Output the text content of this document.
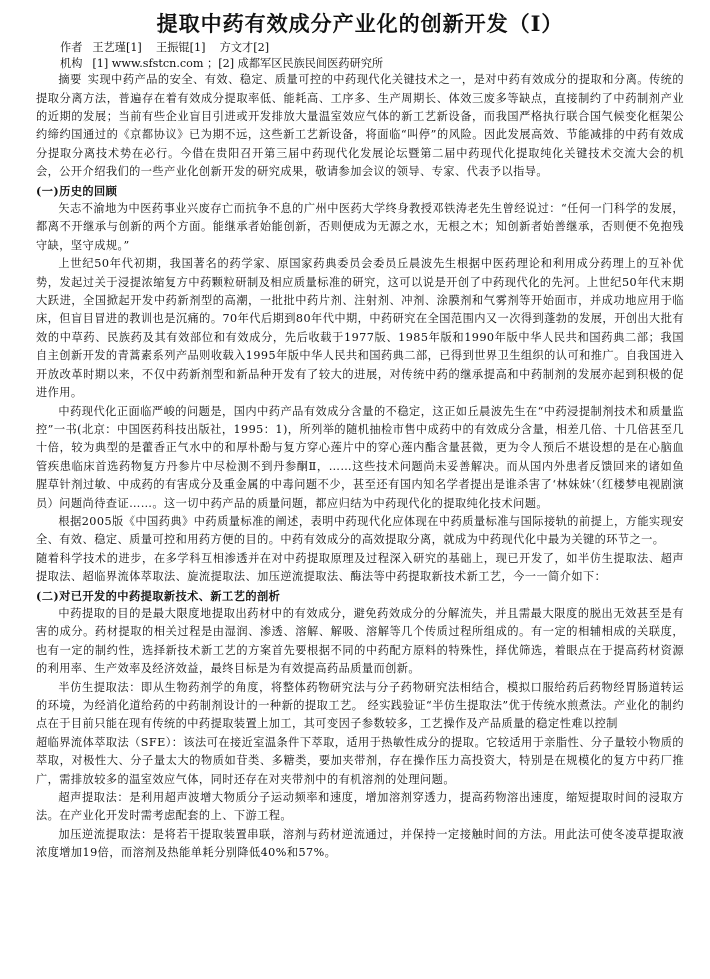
提取中药有效成分产业化的创新开发（Ⅰ）
作者 王艺瑾[1]    王振锟[1]    方文才[2]
机构 [1] www.sfstcn.com ；[2] 成都军区民族民间医药研究所

摘要 实现中药产品的安全、有效、稳定、质量可控的中药现代化关键技术之一，是对中药有效成分的提取和分离。传统的提取分离方法，普遍存在着有效成分提取率低、能耗高、工序多、生产周期长、体效三废多等缺点，直接制约了中药制剂产业的近期的发展；当前有些企业盲目引进或开发排放大量温室效应气体的新工艺新设备，而我国严格执行联合国气候变化框架公约缔约国通过的《京都协议》已为期不远，这些新工艺新设备，将面临“叫停”的风险。因此发展高效、节能减排的中药有效成分提取分离技术势在必行。今借在贵阳召开第三届中药现代化发展论坛暨第二届中药现代化提取纯化关键技术交流大会的机会，公开介绍我们的一些产业化创新开发的研究成果，敬请参加会议的领导、专家、代表予以指导。

(一)历史的回顾

矢志不渝地为中医药事业兴废存亡而抗争不息的广州中医药大学终身教授邓铁涛老先生曾经说过：“任何一门科学的发展，都离不开继承与创新的两个方面。能继承者始能创新，否则便成为无源之水，无根之木；知创新者始善继承，否则便不免抱残守缺，坚守成规。”

上世纪50年代初期，我国著名的药学家、原国家药典委员会委员丘晨波先生根据中医药理论和利用成分药理上的互补优势，发起过关于浸提浓缩复方中药颗粒研制及相应质量标准的研究，这可以说是开创了中药现代化的先河。上世纪50年代末期大跃进，全国掀起开发中药新剂型的高潮，一批批中药片剂、注射剂、冲剂、涂膜剂和气雾剂等开始面市，并成功地应用于临床，但盲目冒进的教训也是沉痛的。70年代后期到80年代中期，中药研究在全国范围内又一次得到蓬勃的发展，开创出大批有效的中草药、民族药及其有效部位和有效成分，先后收载于1977版、1985年版和1990年版中华人民共和国药典二部；我国自主创新开发的青蒿素系列产品则收载入1995年版中华人民共和国药典二部，已得到世界卫生组织的认可和推广。自我国进入开放改革时期以来，不仅中药新剂型和新品种开发有了较大的进展，对传统中药的继承提高和中药制剂的发展亦起到积极的促进作用。

中药现代化正面临严峻的问题是，国内中药产品有效成分含量的不稳定，这正如丘晨波先生在“中药浸提制剂技术和质量监控”一书(北京：中国医药科技出版社，1995：1)，所列举的随机抽检市售中成药中的有效成分含量，相差几倍、十几倍甚至几十倍，较为典型的是藿香正气水中的和厚朴酚与复方穿心莲片中的穿心莲内酯含量甚微，更为令人预后不堪设想的是在心脑血管疾患临床首选药物复方丹参片中尽检测不到丹参酮Ⅱ，……这些技术问题尚未妥善解决。而从国内外患者反馈回来的诸如鱼腥草针剂过敏、中成药的有害成分及重金属的中毒问题不少，甚至还有国内知名学者提出是谁杀害了‘林妹妹’（红楼梦电视剧演员）问题尚待查证……。这一切中药产品的质量问题，都应归结为中药现代化的提取纯化技术问题。

根据2005版《中国药典》中药质量标准的阐述，表明中药现代化应体现在中药质量标准与国际接轨的前提上，方能实现安全、有效、稳定、质量可控和用药方便的目的。中药有效成分的高效提取分离，就成为中药现代化中最为关键的环节之一。

随着科学技术的进步，在多学科互相渗透并在对中药提取原理及过程深入研究的基础上，现已开发了，如半仿生提取法、超声提取法、超临界流体萃取法、旋流提取法、加压逆流提取法、酶法等中药提取新技术新工艺，今一一简介如下：

(二)对已开发的中药提取新技术、新工艺的剖析

中药提取的目的是最大限度地提取出药材中的有效成分，避免药效成分的分解流失，并且需最大限度的脱出无效甚至是有害的成分。药材提取的相关过程是由湿润、渗透、溶解、解吸、溶解等几个传质过程所组成的。有一定的相辅相成的关联度，也有一定的制约性，选择新技术新工艺的方案首先要根据不同的中药配方原料的特殊性，择优筛选，着眼点在于提高药材资源的利用率、生产效率及经济效益，最终目标是为有效提高药品质量而创新。

半仿生提取法：即从生物药剂学的角度，将整体药物研究法与分子药物研究法相结合，模拟口服给药后药物经胃肠道转运的环境，为经消化道给药的中药制剂设计的一种新的提取工艺。 经实践验证“半仿生提取法”优于传统水煎煮法。产业化的制约点在于目前只能在现有传统的中药提取装置上加工，其可变因子参数较多，工艺操作及产品质量的稳定性难以控制

超临界流体萃取法（SFE）：该法可在接近室温条件下萃取，适用于热敏性成分的提取。它较适用于亲脂性、分子量较小物质的萃取，对极性大、分子量太大的物质如苷类、多糖类，要加夹带剂，存在操作压力高投资大，特别是在规模化的复方中药厂推广，需排放较多的温室效应气体，同时还存在对夹带剂中的有机溶剂的处理问题。

超声提取法：是利用超声波增大物质分子运动频率和速度，增加溶剂穿透力，提高药物溶出速度，缩短提取时间的浸取方法。在产业化开发时需考虑配套的上、下游工程。

加压逆流提取法：是将若干提取装置串联，溶剂与药材逆流通过，并保持一定接触时间的方法。用此法可使冬凌草提取液浓度增加19倍，而溶剂及热能单耗分别降低40%和57%。
